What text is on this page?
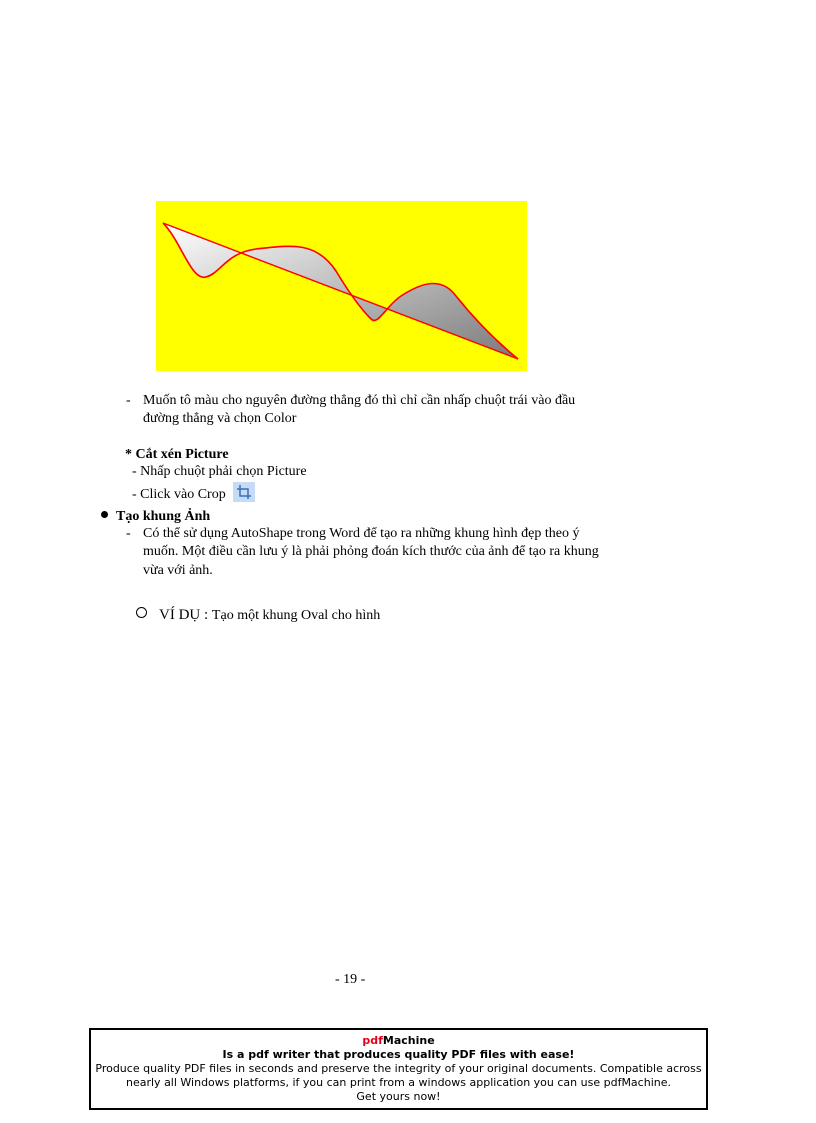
- Muốn tô màu cho nguyên đường thẳng đó thì chỉ cần nhấp chuột trái vào đầu
đường thẳng và chọn Color
* Cắt xén Picture
- Nhấp chuột phải chọn Picture
- Click vào Crop
Tạo khung Ảnh
- Có thể sử dụng AutoShape trong Word để tạo ra những khung hình đẹp theo ý
muốn. Một điều cần lưu ý là phải phỏng đoán kích thước của ảnh để tạo ra khung
vừa với ảnh.
VÍ DỤ : Tạo một khung Oval cho hình
- 19 -
pdfMachine
Is a pdf writer that produces quality PDF files with ease!
Produce quality PDF files in seconds and preserve the integrity of your original documents. Compatible across
nearly all Windows platforms, if you can print from a windows application you can use pdfMachine.
Get yours now!
